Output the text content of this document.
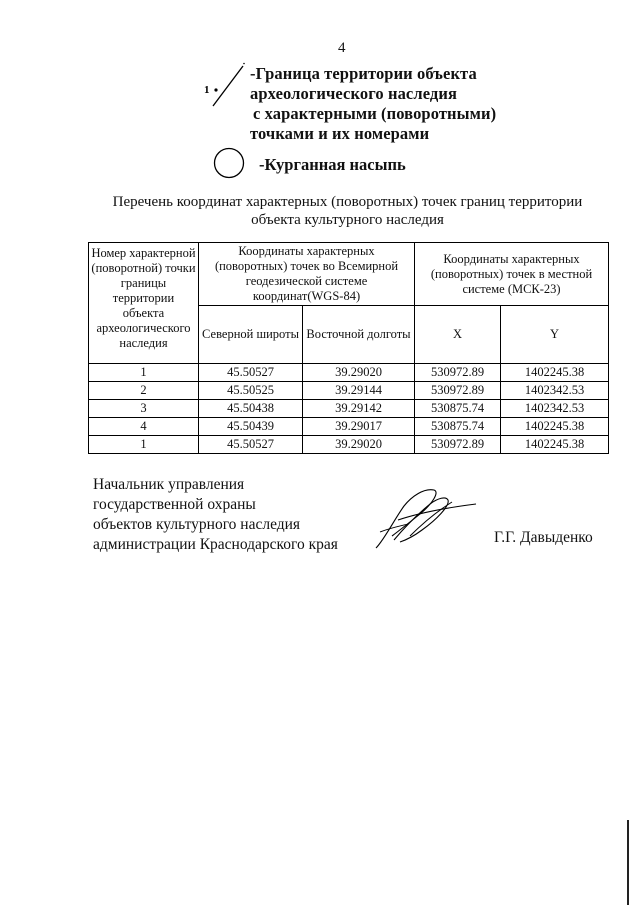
4
1
-Граница территории объекта
археологического наследия
с характерными (поворотными)
точками и их номерами
-Курганная насыпь
Перечень координат характерных (поворотных) точек границ территории
объекта культурного наследия
Номер характерной (поворотной) точки границы территории объекта археологического наследия	Координаты характерных (поворотных) точек во Всемирной геодезической системе координат(WGS-84)		Координаты характерных (поворотных) точек в местной системе (МСК-23)	
	Северной широты	Восточной долготы	X	Y
1	45.50527	39.29020	530972.89	1402245.38
2	45.50525	39.29144	530972.89	1402342.53
3	45.50438	39.29142	530875.74	1402342.53
4	45.50439	39.29017	530875.74	1402245.38
1	45.50527	39.29020	530972.89	1402245.38
Начальник управления
государственной охраны
объектов культурного наследия
администрации Краснодарского края	Г.Г. Давыденко
